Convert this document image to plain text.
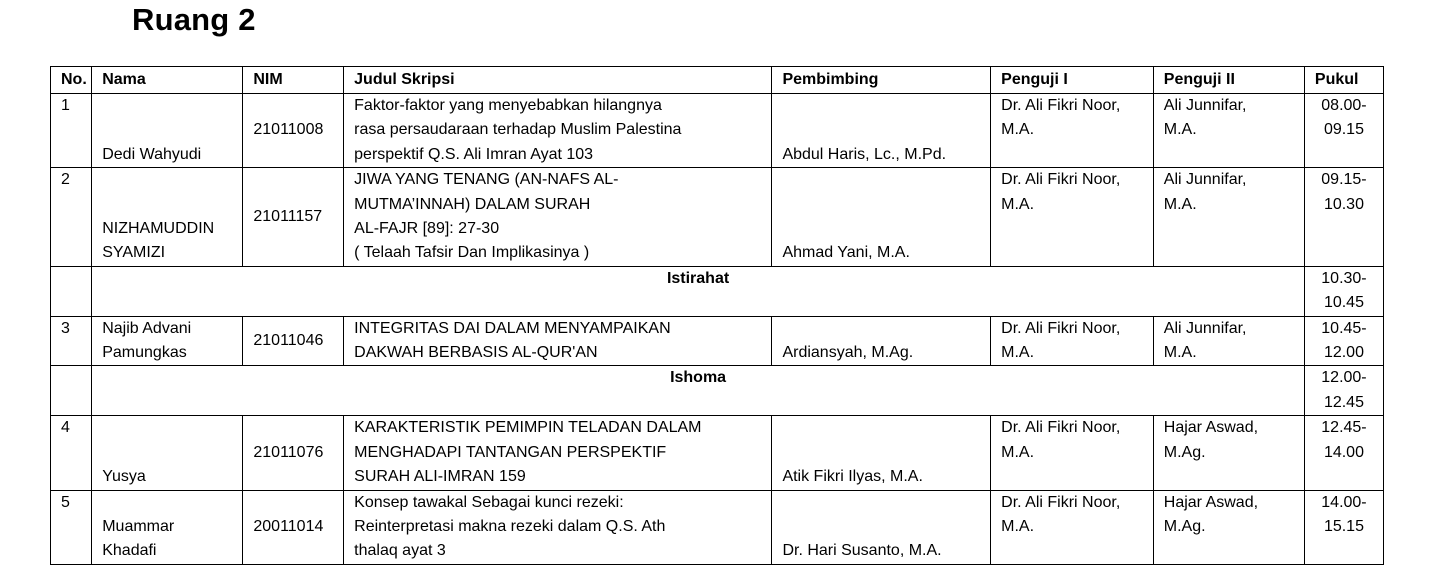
Ruang 2
No.	Nama	NIM	Judul Skripsi	Pembimbing	Penguji I	Penguji II	Pukul
1	Dedi Wahyudi	21011008	Faktor-faktor yang menyebabkan hilangnya
rasa persaudaraan terhadap Muslim Palestina
perspektif Q.S. Ali Imran Ayat 103	Abdul Haris, Lc., M.Pd.	Dr. Ali Fikri Noor,
M.A.	Ali Junnifar,
M.A.	08.00-
09.15

2	NIZHAMUDDIN
SYAMIZI	21011157	JIWA YANG TENANG (AN-NAFS AL-
MUTMA’INNAH) DALAM SURAH
AL-FAJR [89]: 27-30
( Telaah Tafsir Dan Implikasinya )	Ahmad Yani, M.A.	Dr. Ali Fikri Noor,
M.A.	Ali Junnifar,
M.A.	09.15-
10.30

	Istirahat						10.30-
10.45

3	Najib Advani
Pamungkas	21011046	INTEGRITAS DAI DALAM MENYAMPAIKAN
DAKWAH BERBASIS AL-QUR'AN	Ardiansyah, M.Ag.	Dr. Ali Fikri Noor,
M.A.	Ali Junnifar,
M.A.	10.45-
12.00

	Ishoma						12.00-
12.45

4	Yusya	21011076	KARAKTERISTIK PEMIMPIN TELADAN DALAM
MENGHADAPI TANTANGAN PERSPEKTIF
SURAH ALI-IMRAN 159	Atik Fikri Ilyas, M.A.	Dr. Ali Fikri Noor,
M.A.	Hajar Aswad,
M.Ag.	12.45-
14.00

5	Muammar
Khadafi	20011014	Konsep tawakal Sebagai kunci rezeki:
Reinterpretasi makna rezeki dalam Q.S. Ath
thalaq ayat 3	Dr. Hari Susanto, M.A.	Dr. Ali Fikri Noor,
M.A.	Hajar Aswad,
M.Ag.	14.00-
15.15
